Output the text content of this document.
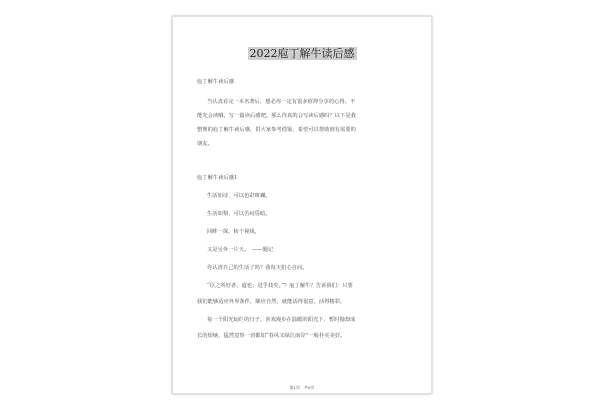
2022庖丁解牛读后感
庖丁解牛读后感
当认真看完一本名著后，想必你一定有很多值得分享的心得，不
能光会读哦，写一篇读后感吧。那么你真的会写读后感吗？以下是我
整理的庖丁解牛读后感，供大家参考借鉴，希望可以帮助到有需要的
朋友。
庖丁解牛读后感1
生活如诗，可以色彩斑斓。
生活如梨，可以苦闷昏暗。
回眸一探，转个视线，
又是另外一片天。　——题记
你认清自己的生活了吗？我每天扪心自问。
“臣之所好者，道也；进乎技矣。”？庖丁解牛？告诉我们：只要
我们能够适应外界条件，顺应自然，就能活得很意，活得精彩。
每一个阳光灿烂的日子，喜欢漫步在温暖的阳光下，暂时抛却成
长的烦恼，猛然觉察一切都如“春风又绿江南岸”一般朴实美好。
第1页　共8页
